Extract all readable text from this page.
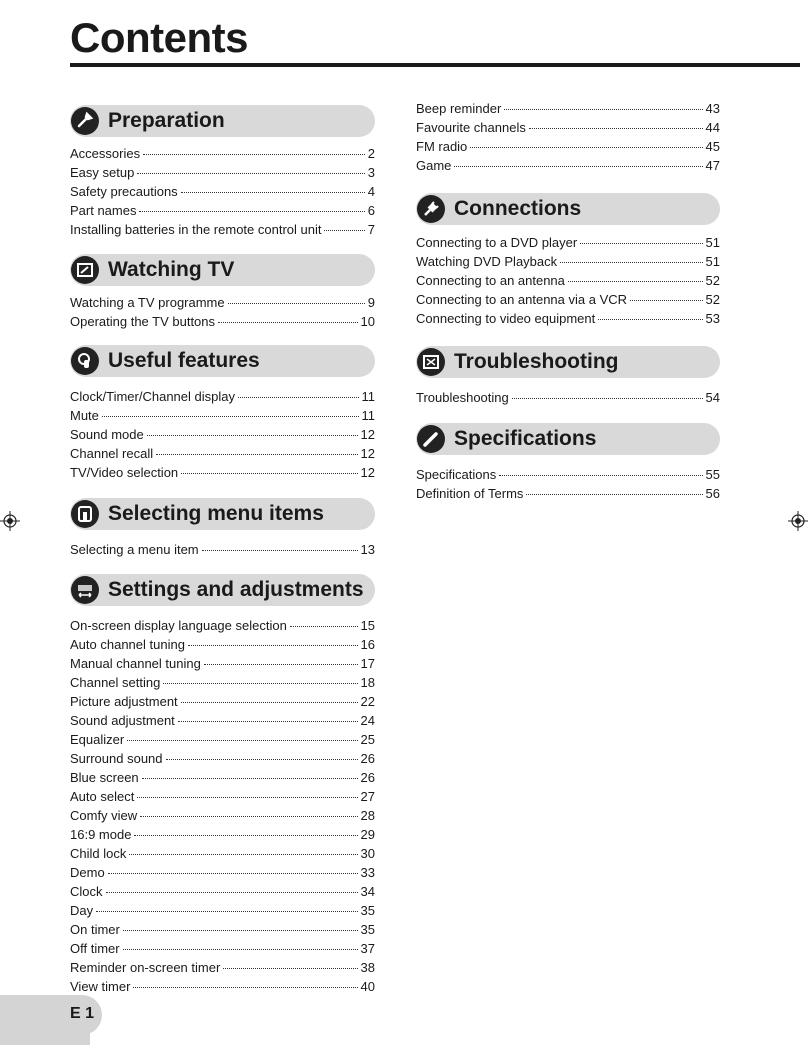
Contents
Preparation
Accessories	2
Easy setup	3
Safety precautions	4
Part names	6
Installing batteries in the remote control unit	7
Watching TV
Watching a TV programme	9
Operating the TV buttons	10
Useful features
Clock/Timer/Channel display	11
Mute	11
Sound mode	12
Channel recall	12
TV/Video selection	12
Selecting menu items
Selecting a menu item	13
Settings and adjustments
On-screen display language selection	15
Auto channel tuning	16
Manual channel tuning	17
Channel setting	18
Picture adjustment	22
Sound adjustment	24
Equalizer	25
Surround sound	26
Blue screen	26
Auto select	27
Comfy view	28
16:9 mode	29
Child lock	30
Demo	33
Clock	34
Day	35
On timer	35
Off timer	37
Reminder on-screen timer	38
View timer	40
Beep reminder	43
Favourite channels	44
FM radio	45
Game	47
Connections
Connecting to a DVD player	51
Watching DVD Playback	51
Connecting to an antenna	52
Connecting to an antenna via a VCR	52
Connecting to video equipment	53
Troubleshooting
Troubleshooting	54
Specifications
Specifications	55
Definition of Terms	56
E 1
